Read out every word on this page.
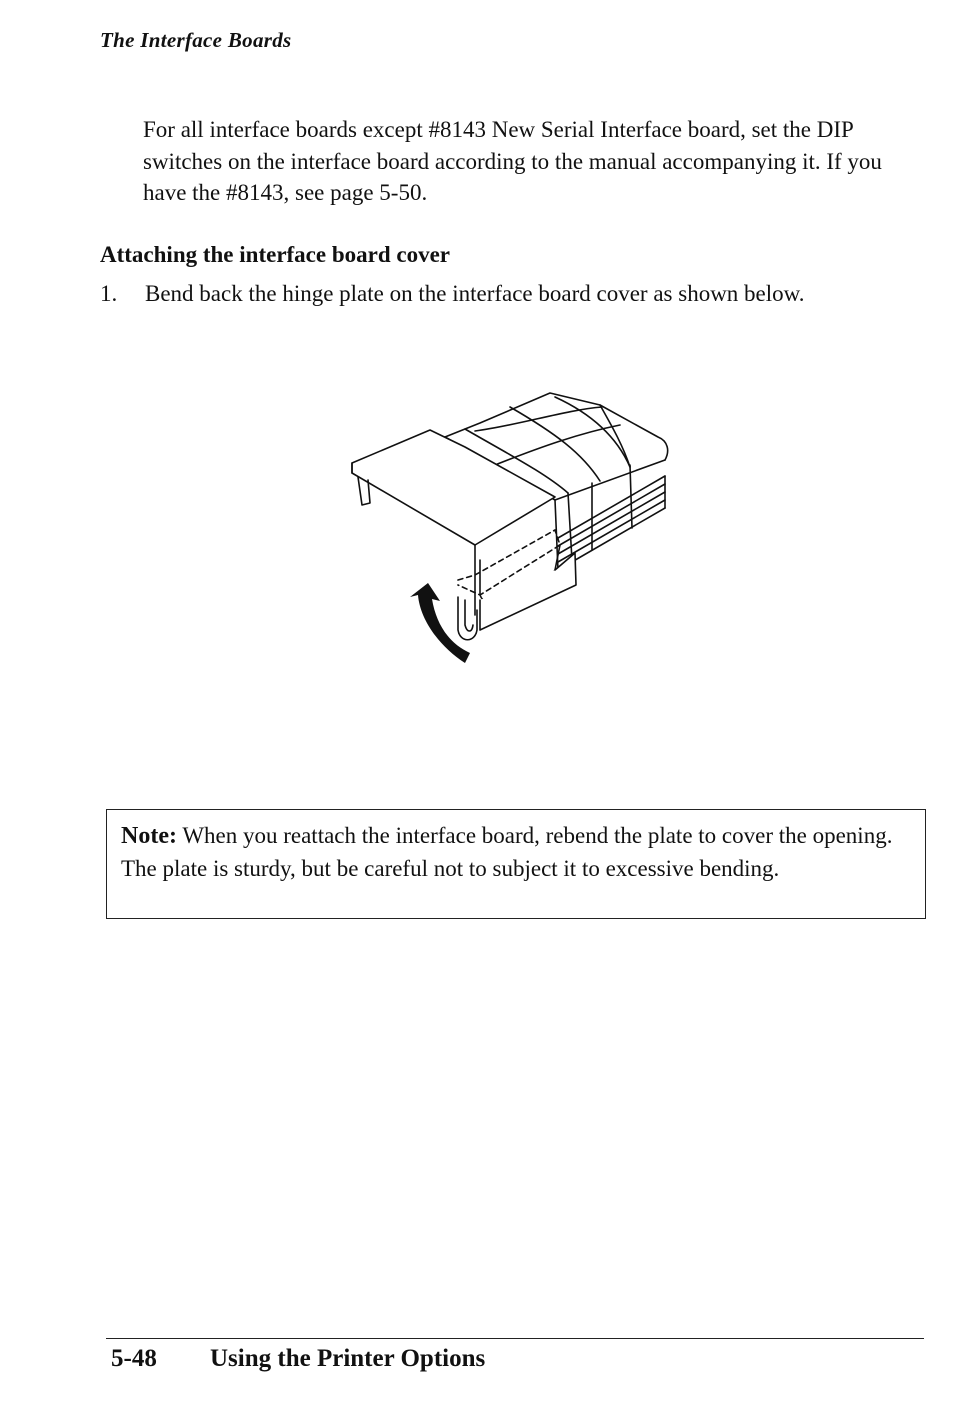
The Interface Boards

For all interface boards except #8143 New Serial Interface board, set the DIP switches on the interface board according to the manual accompanying it. If you have the #8143, see page 5-50.

Attaching the interface board cover
1.	Bend back the hinge plate on the interface board cover as shown below.
Note: When you reattach the interface board, rebend the plate to cover the opening. The plate is sturdy, but be careful not to subject it to excessive bending.
5-48 Using the Printer Options
